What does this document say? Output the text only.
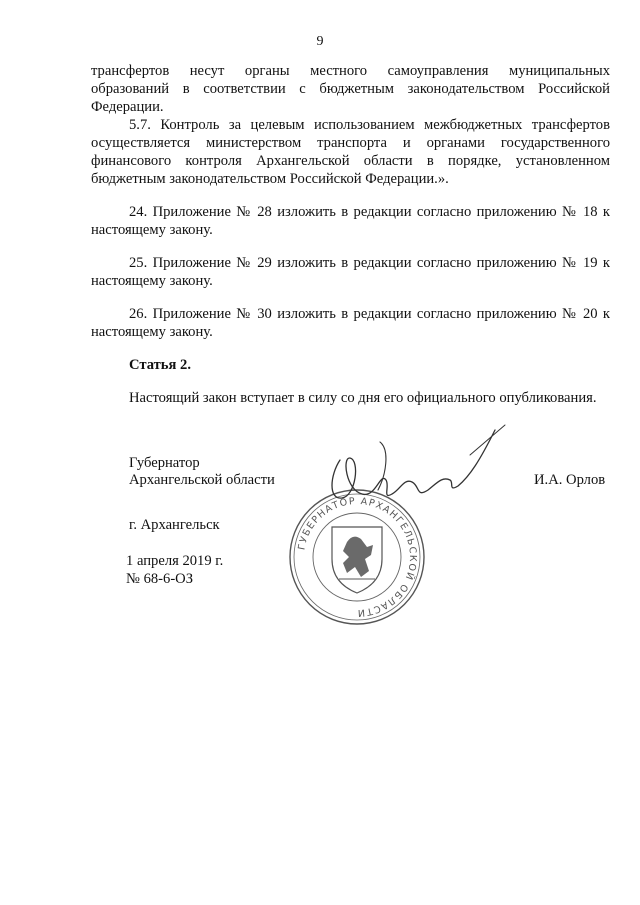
9
трансфертов несут органы местного самоуправления муниципальных
образований в соответствии с бюджетным законодательством Российской Федерации.
5.7. Контроль за целевым использованием межбюджетных трансфертов осуществляется министерством транспорта и органами государственного финансового контроля Архангельской области в порядке, установленном бюджетным законодательством Российской Федерации.».
24. Приложение № 28 изложить в редакции согласно приложению № 18 к настоящему закону.
25. Приложение № 29 изложить в редакции согласно приложению № 19 к настоящему закону.
26. Приложение № 30 изложить в редакции согласно приложению № 20 к настоящему закону.
Статья 2.
Настоящий закон вступает в силу со дня его официального опубликования.
Губернатор
Архангельской области	И.А. Орлов
г. Архангельск
1 апреля 2019 г.
№ 68-6-ОЗ
ГУБЕРНАТОР АРХАНГЕЛЬСКОЙ ОБЛАСТИ
